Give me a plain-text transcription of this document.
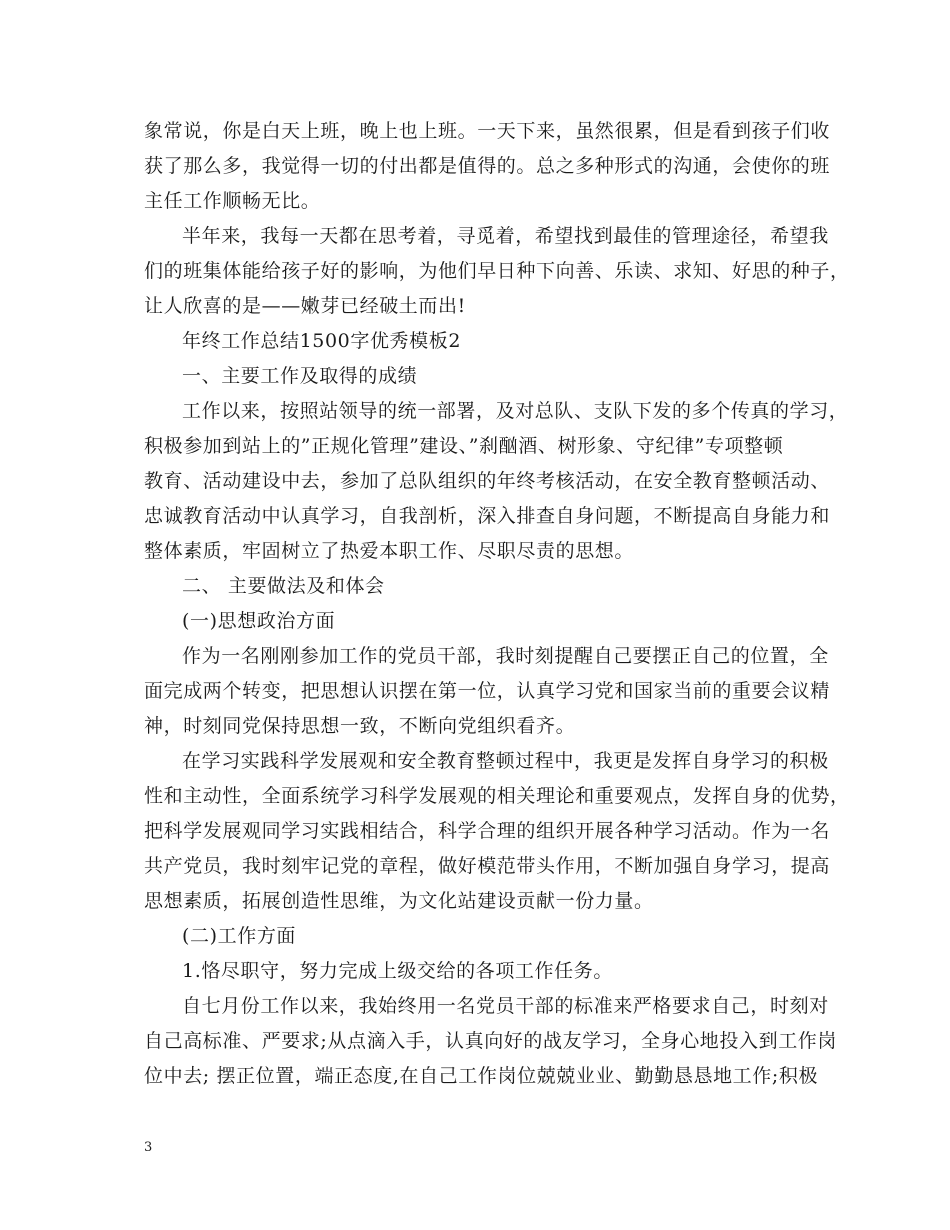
象常说，你是白天上班，晚上也上班。一天下来，虽然很累，但是看到孩子们收
获了那么多，我觉得一切的付出都是值得的。总之多种形式的沟通，会使你的班
主任工作顺畅无比。
半年来，我每一天都在思考着，寻觅着，希望找到最佳的管理途径，希望我
们的班集体能给孩子好的影响，为他们早日种下向善、乐读、求知、好思的种子，
让人欣喜的是——嫩芽已经破土而出!
年终工作总结1500字优秀模板2
一、主要工作及取得的成绩
工作以来，按照站领导的统一部署，及对总队、支队下发的多个传真的学习，
积极参加到站上的”正规化管理”建设、”刹酗酒、树形象、守纪律”专项整顿
教育、活动建设中去，参加了总队组织的年终考核活动，在安全教育整顿活动、
忠诚教育活动中认真学习，自我剖析，深入排查自身问题，不断提高自身能力和
整体素质，牢固树立了热爱本职工作、尽职尽责的思想。
二、 主要做法及和体会
(一)思想政治方面
作为一名刚刚参加工作的党员干部，我时刻提醒自己要摆正自己的位置，全
面完成两个转变，把思想认识摆在第一位，认真学习党和国家当前的重要会议精
神，时刻同党保持思想一致，不断向党组织看齐。
在学习实践科学发展观和安全教育整顿过程中，我更是发挥自身学习的积极
性和主动性，全面系统学习科学发展观的相关理论和重要观点，发挥自身的优势，
把科学发展观同学习实践相结合，科学合理的组织开展各种学习活动。作为一名
共产党员，我时刻牢记党的章程，做好模范带头作用，不断加强自身学习，提高
思想素质，拓展创造性思维，为文化站建设贡献一份力量。
(二)工作方面
1.恪尽职守，努力完成上级交给的各项工作任务。
自七月份工作以来，我始终用一名党员干部的标准来严格要求自己，时刻对
自己高标准、严要求;从点滴入手，认真向好的战友学习，全身心地投入到工作岗
位中去; 摆正位置，端正态度,在自己工作岗位兢兢业业、勤勤恳恳地工作;积极
3
